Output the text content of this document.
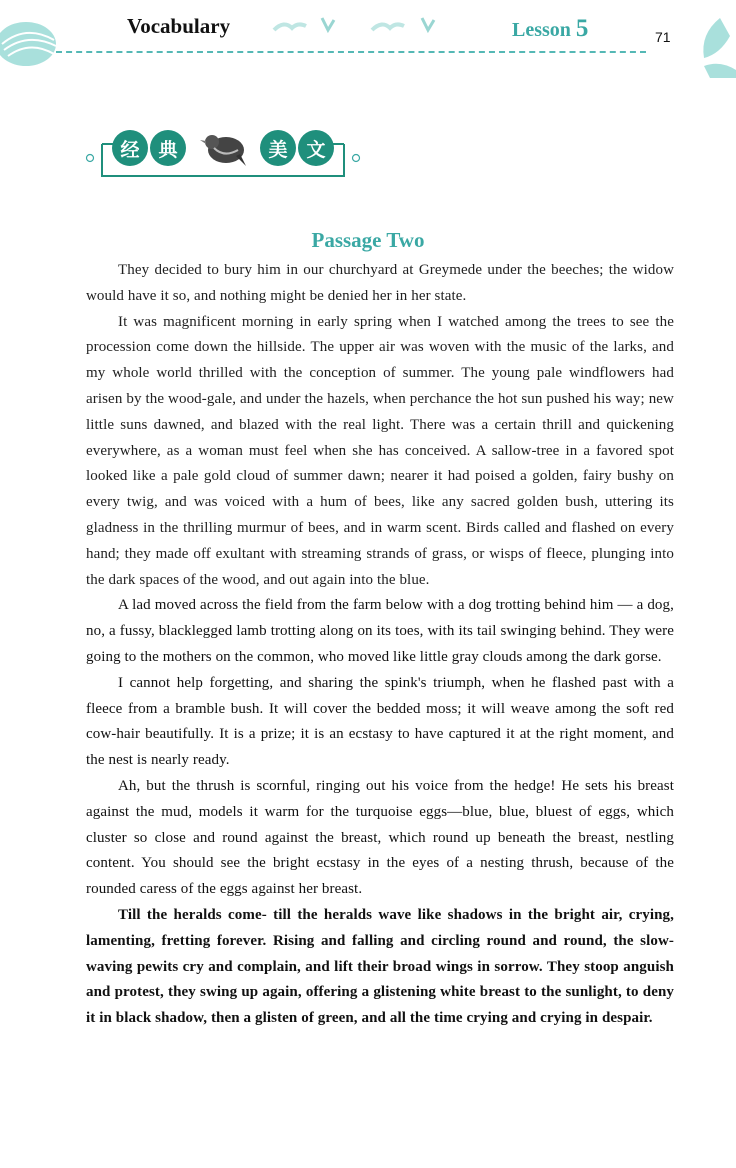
Vocabulary	Lesson 5	71
经 典	美 文
Passage Two

They decided to bury him in our churchyard at Greymede under the beeches; the widow would have it so, and nothing might be denied her in her state.

It was magnificent morning in early spring when I watched among the trees to see the procession come down the hillside. The upper air was woven with the music of the larks, and my whole world thrilled with the conception of summer. The young pale windflowers had arisen by the wood-gale, and under the hazels, when perchance the hot sun pushed his way; new little suns dawned, and blazed with the real light. There was a certain thrill and quickening everywhere, as a woman must feel when she has conceived. A sallow-tree in a favored spot looked like a pale gold cloud of summer dawn; nearer it had poised a golden, fairy bushy on every twig, and was voiced with a hum of bees, like any sacred golden bush, uttering its gladness in the thrilling murmur of bees, and in warm scent. Birds called and flashed on every hand; they made off exultant with streaming strands of grass, or wisps of fleece, plunging into the dark spaces of the wood, and out again into the blue.

A lad moved across the field from the farm below with a dog trotting behind him — a dog, no, a fussy, blacklegged lamb trotting along on its toes, with its tail swinging behind. They were going to the mothers on the common, who moved like little gray clouds among the dark gorse.

I cannot help forgetting, and sharing the spink's triumph, when he flashed past with a fleece from a bramble bush. It will cover the bedded moss; it will weave among the soft red cow-hair beautifully. It is a prize; it is an ecstasy to have captured it at the right moment, and the nest is nearly ready.

Ah, but the thrush is scornful, ringing out his voice from the hedge! He sets his breast against the mud, models it warm for the turquoise eggs—blue, blue, bluest of eggs, which cluster so close and round against the breast, which round up beneath the breast, nestling content. You should see the bright ecstasy in the eyes of a nesting thrush, because of the rounded caress of the eggs against her breast.

Till the heralds come- till the heralds wave like shadows in the bright air, crying, lamenting, fretting forever. Rising and falling and circling round and round, the slow-waving pewits cry and complain, and lift their broad wings in sorrow. They stoop anguish and protest, they swing up again, offering a glistening white breast to the sunlight, to deny it in black shadow, then a glisten of green, and all the time crying and crying in despair.
